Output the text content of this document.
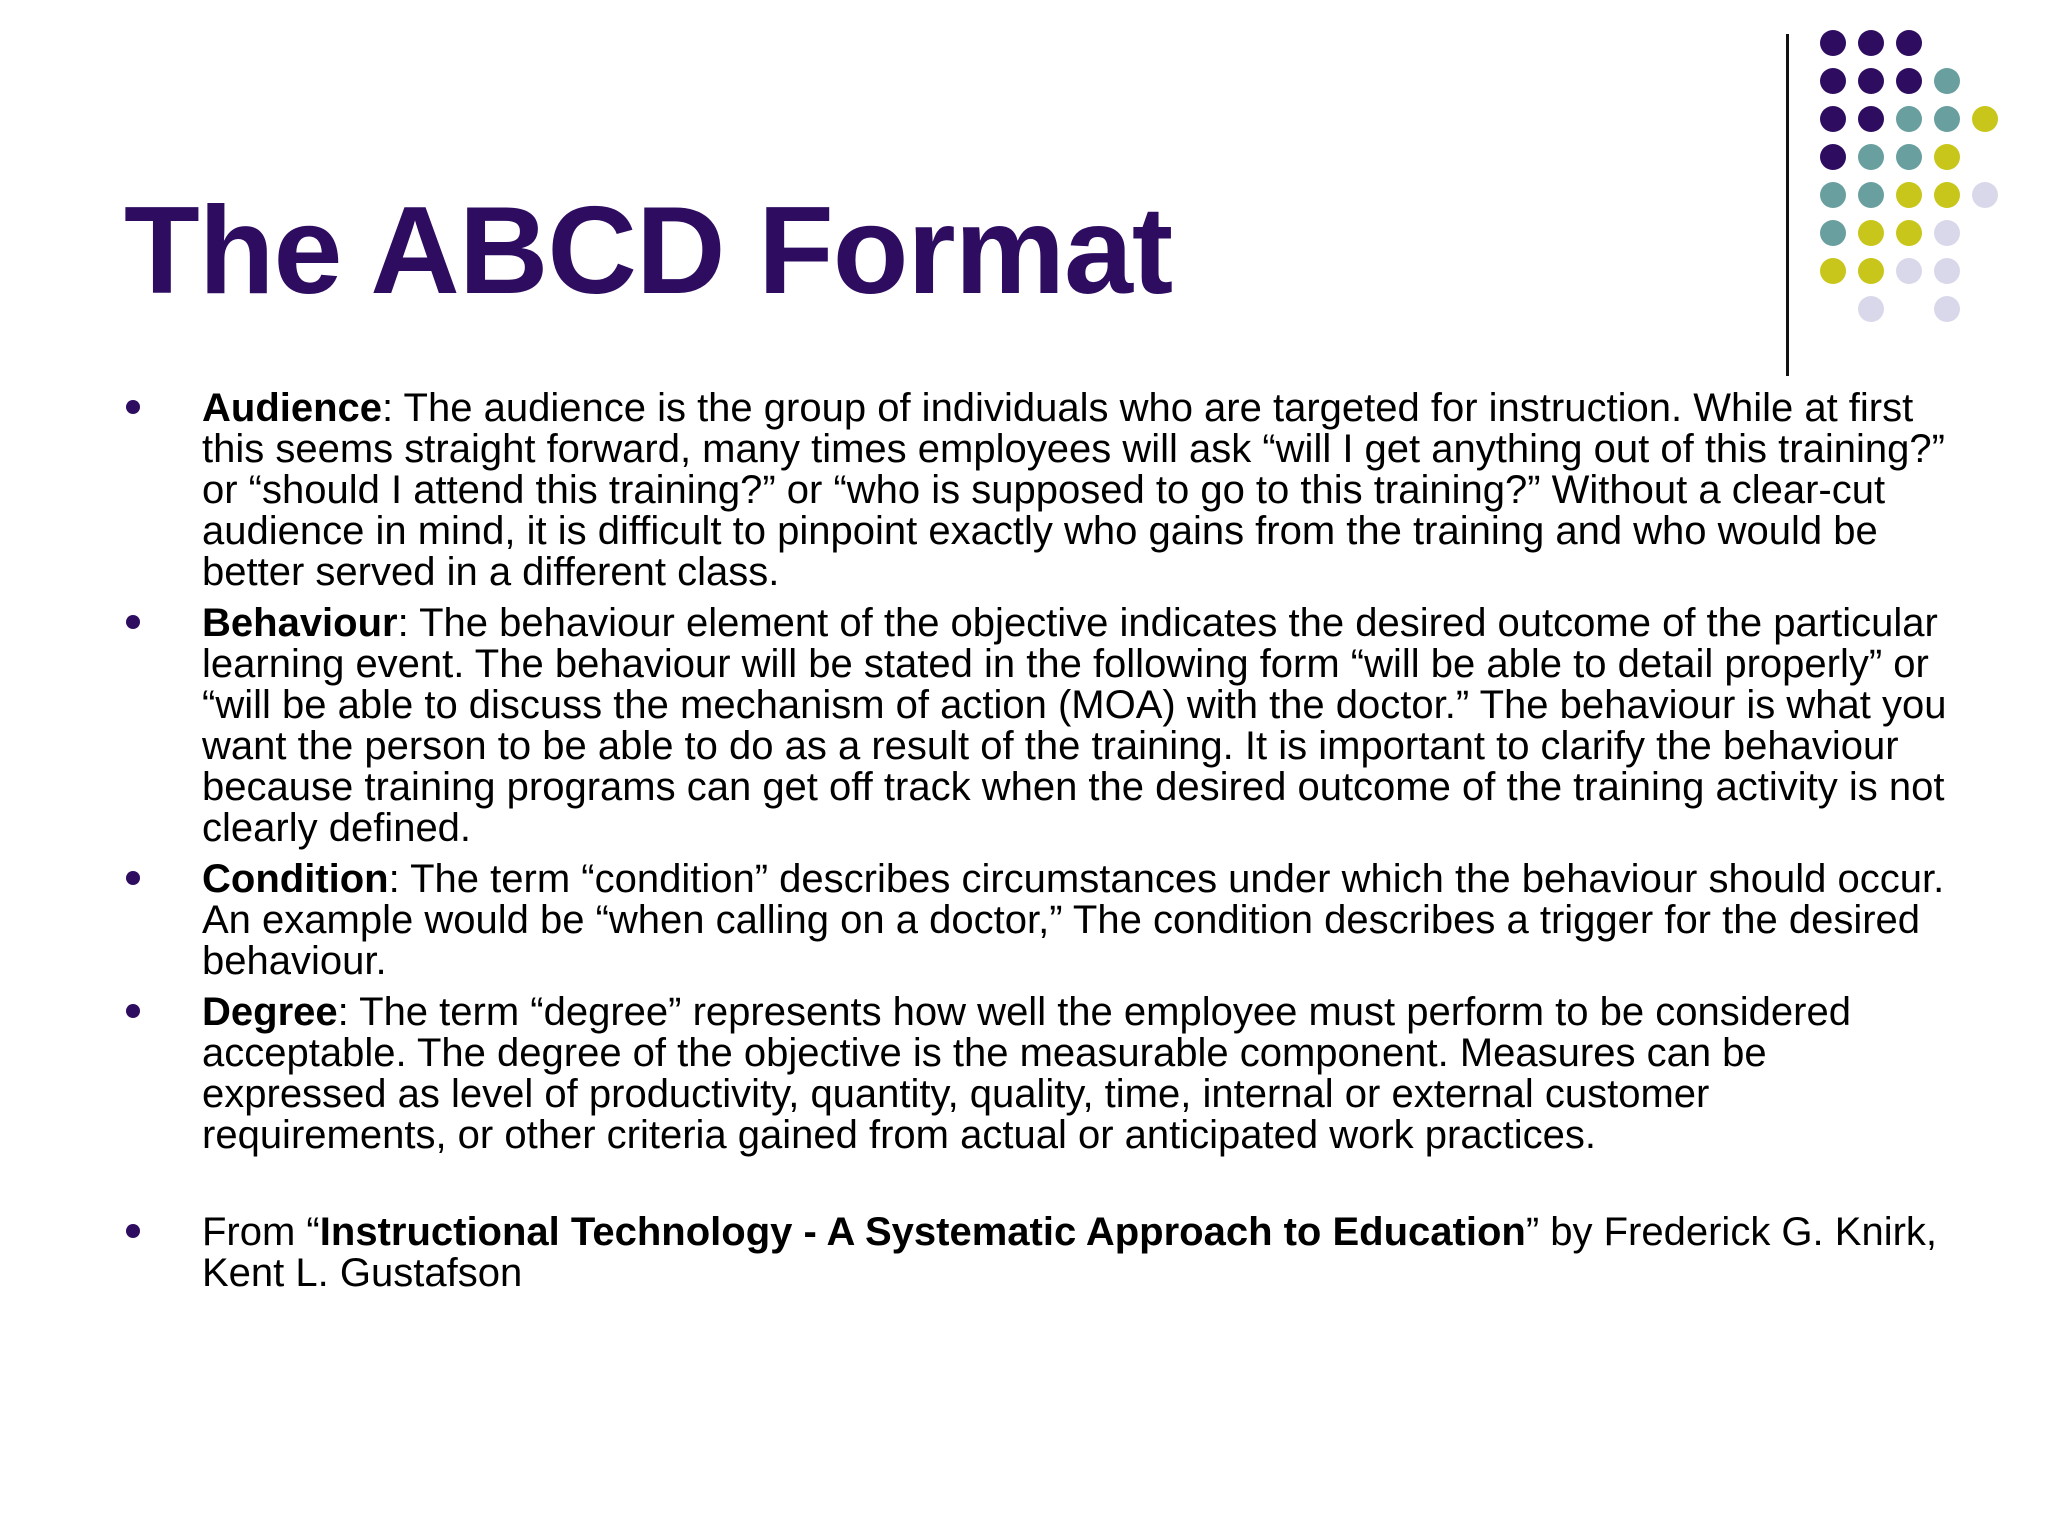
The ABCD Format
Audience: The audience is the group of individuals who are targeted for instruction. While at first this seems straight forward, many times employees will ask “will I get anything out of this training?” or “should I attend this training?” or “who is supposed to go to this training?” Without a clear-cut audience in mind, it is difficult to pinpoint exactly who gains from the training and who would be better served in a different class.
Behaviour: The behaviour element of the objective indicates the desired outcome of the particular learning event. The behaviour will be stated in the following form “will be able to detail properly” or “will be able to discuss the mechanism of action (MOA) with the doctor.” The behaviour is what you want the person to be able to do as a result of the training. It is important to clarify the behaviour because training programs can get off track when the desired outcome of the training activity is not clearly defined.
Condition: The term “condition” describes circumstances under which the behaviour should occur. An example would be “when calling on a doctor,” The condition describes a trigger for the desired behaviour.
Degree: The term “degree” represents how well the employee must perform to be considered acceptable. The degree of the objective is the measurable component. Measures can be expressed as level of productivity, quantity, quality, time, internal or external customer requirements, or other criteria gained from actual or anticipated work practices.
From “Instructional Technology - A Systematic Approach to Education” by Frederick G. Knirk, Kent L. Gustafson
